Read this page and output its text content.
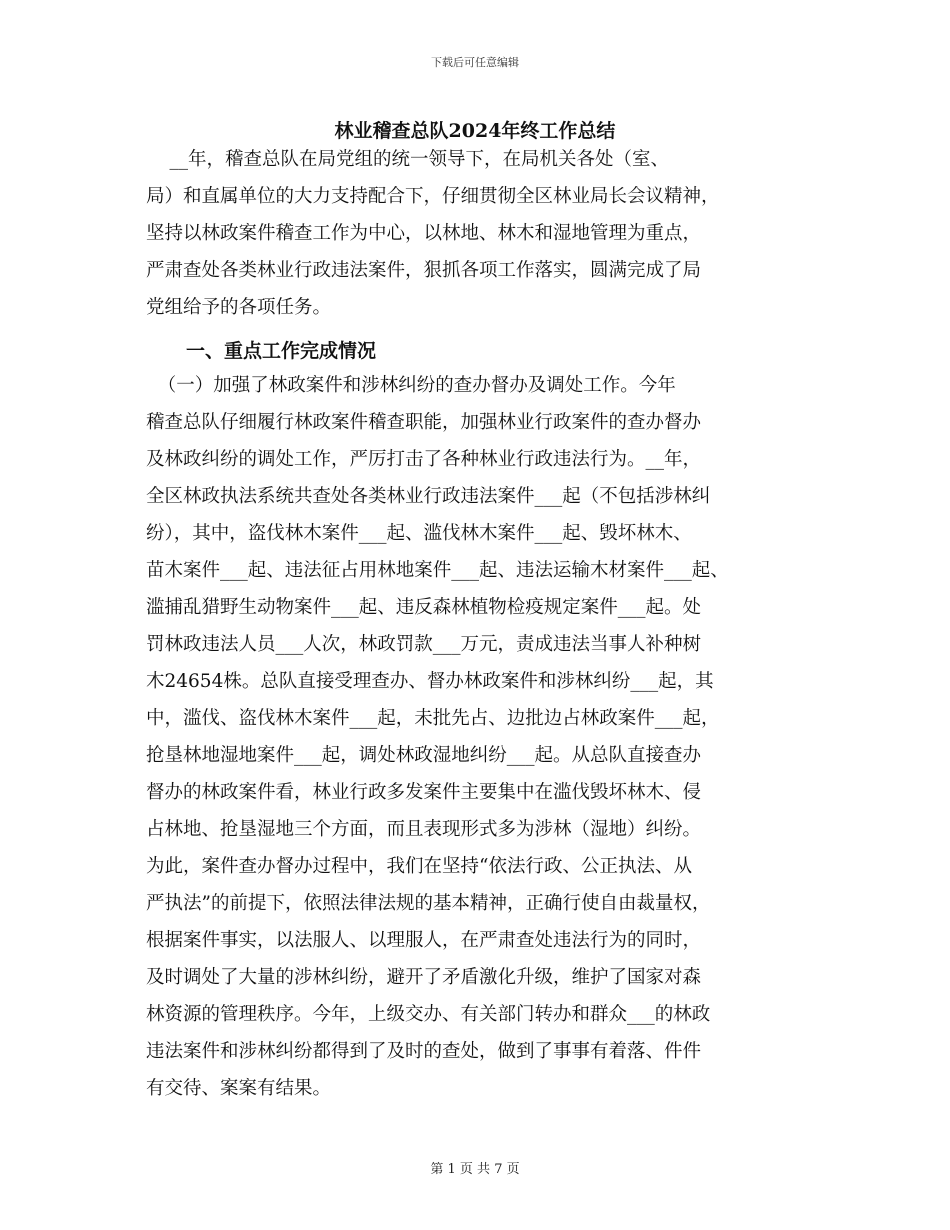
下载后可任意编辑
林业稽查总队2024年终工作总结
__年，稽查总队在局党组的统一领导下，在局机关各处（室、
局）和直属单位的大力支持配合下，仔细贯彻全区林业局长会议精神，
坚持以林政案件稽查工作为中心，以林地、林木和湿地管理为重点，
严肃查处各类林业行政违法案件，狠抓各项工作落实，圆满完成了局
党组给予的各项任务。
一、重点工作完成情况
（一）加强了林政案件和涉林纠纷的查办督办及调处工作。今年
稽查总队仔细履行林政案件稽查职能，加强林业行政案件的查办督办
及林政纠纷的调处工作，严厉打击了各种林业行政违法行为。__年，
全区林政执法系统共查处各类林业行政违法案件___起（不包括涉林纠
纷），其中，盗伐林木案件___起、滥伐林木案件___起、毁坏林木、
苗木案件___起、违法征占用林地案件___起、违法运输木材案件___起、
滥捕乱猎野生动物案件___起、违反森林植物检疫规定案件___起。处
罚林政违法人员___人次，林政罚款___万元，责成违法当事人补种树
木24654株。总队直接受理查办、督办林政案件和涉林纠纷___起，其
中，滥伐、盗伐林木案件___起，未批先占、边批边占林政案件___起，
抢垦林地湿地案件___起，调处林政湿地纠纷___起。从总队直接查办
督办的林政案件看，林业行政多发案件主要集中在滥伐毁坏林木、侵
占林地、抢垦湿地三个方面，而且表现形式多为涉林（湿地）纠纷。
为此，案件查办督办过程中，我们在坚持“依法行政、公正执法、从
严执法”的前提下，依照法律法规的基本精神，正确行使自由裁量权，
根据案件事实，以法服人、以理服人，在严肃查处违法行为的同时，
及时调处了大量的涉林纠纷，避开了矛盾激化升级，维护了国家对森
林资源的管理秩序。今年，上级交办、有关部门转办和群众___的林政
违法案件和涉林纠纷都得到了及时的查处，做到了事事有着落、件件
有交待、案案有结果。
第 1 页 共 7 页
